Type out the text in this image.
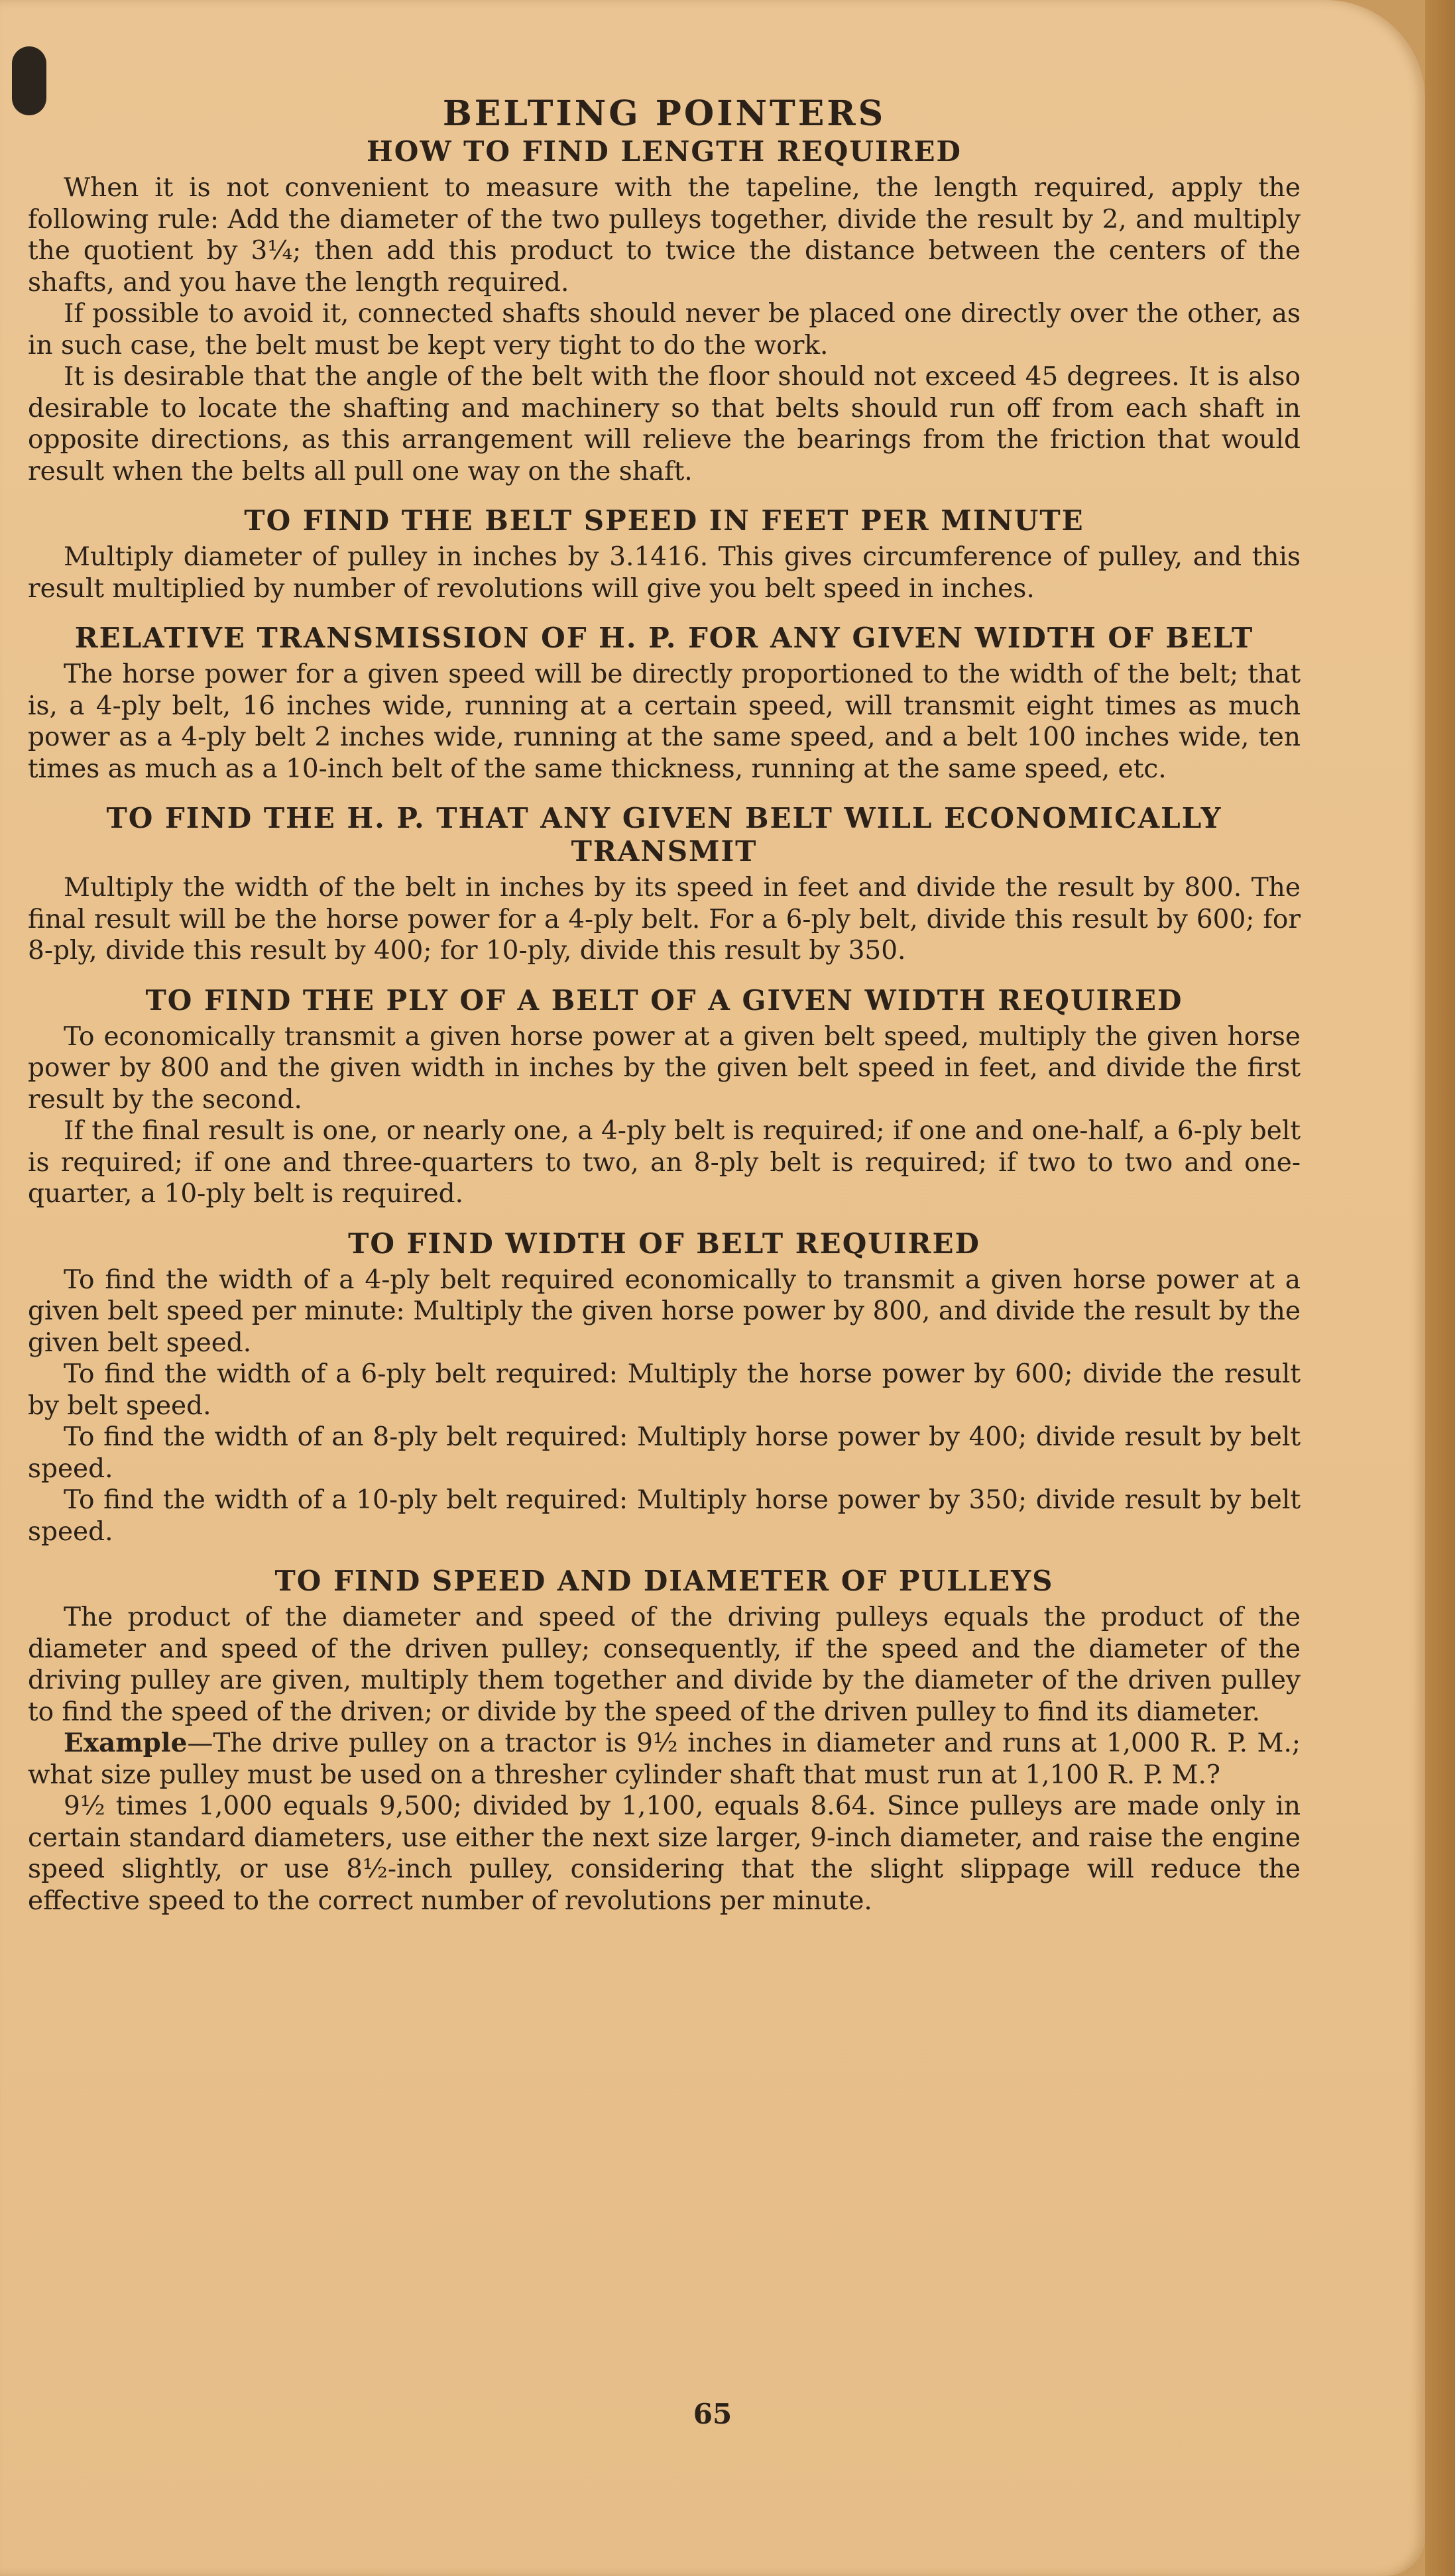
BELTING POINTERS
HOW TO FIND LENGTH REQUIRED

When it is not convenient to measure with the tapeline, the length required, apply the following rule: Add the diameter of the two pulleys together, divide the result by 2, and multiply the quotient by 3¼; then add this product to twice the distance between the centers of the shafts, and you have the length required.

If possible to avoid it, connected shafts should never be placed one directly over the other, as in such case, the belt must be kept very tight to do the work.

It is desirable that the angle of the belt with the floor should not exceed 45 degrees. It is also desirable to locate the shafting and machinery so that belts should run off from each shaft in opposite directions, as this arrangement will relieve the bearings from the friction that would result when the belts all pull one way on the shaft.

TO FIND THE BELT SPEED IN FEET PER MINUTE

Multiply diameter of pulley in inches by 3.1416. This gives circumference of pulley, and this result multiplied by number of revolutions will give you belt speed in inches.

RELATIVE TRANSMISSION OF H. P. FOR ANY GIVEN WIDTH OF BELT

The horse power for a given speed will be directly proportioned to the width of the belt; that is, a 4-ply belt, 16 inches wide, running at a certain speed, will transmit eight times as much power as a 4-ply belt 2 inches wide, running at the same speed, and a belt 100 inches wide, ten times as much as a 10-inch belt of the same thickness, running at the same speed, etc.

TO FIND THE H. P. THAT ANY GIVEN BELT WILL ECONOMICALLY TRANSMIT

Multiply the width of the belt in inches by its speed in feet and divide the result by 800. The final result will be the horse power for a 4-ply belt. For a 6-ply belt, divide this result by 600; for 8-ply, divide this result by 400; for 10-ply, divide this result by 350.

TO FIND THE PLY OF A BELT OF A GIVEN WIDTH REQUIRED

To economically transmit a given horse power at a given belt speed, multiply the given horse power by 800 and the given width in inches by the given belt speed in feet, and divide the first result by the second.

If the final result is one, or nearly one, a 4-ply belt is required; if one and one-half, a 6-ply belt is required; if one and three-quarters to two, an 8-ply belt is required; if two to two and one-quarter, a 10-ply belt is required.

TO FIND WIDTH OF BELT REQUIRED

To find the width of a 4-ply belt required economically to transmit a given horse power at a given belt speed per minute: Multiply the given horse power by 800, and divide the result by the given belt speed.

To find the width of a 6-ply belt required: Multiply the horse power by 600; divide the result by belt speed.

To find the width of an 8-ply belt required: Multiply horse power by 400; divide result by belt speed.

To find the width of a 10-ply belt required: Multiply horse power by 350; divide result by belt speed.

TO FIND SPEED AND DIAMETER OF PULLEYS

The product of the diameter and speed of the driving pulleys equals the product of the diameter and speed of the driven pulley; consequently, if the speed and the diameter of the driving pulley are given, multiply them together and divide by the diameter of the driven pulley to find the speed of the driven; or divide by the speed of the driven pulley to find its diameter.

Example—The drive pulley on a tractor is 9½ inches in diameter and runs at 1,000 R. P. M.; what size pulley must be used on a thresher cylinder shaft that must run at 1,100 R. P. M.?

9½ times 1,000 equals 9,500; divided by 1,100, equals 8.64. Since pulleys are made only in certain standard diameters, use either the next size larger, 9-inch diameter, and raise the engine speed slightly, or use 8½-inch pulley, considering that the slight slippage will reduce the effective speed to the correct number of revolutions per minute.

65
